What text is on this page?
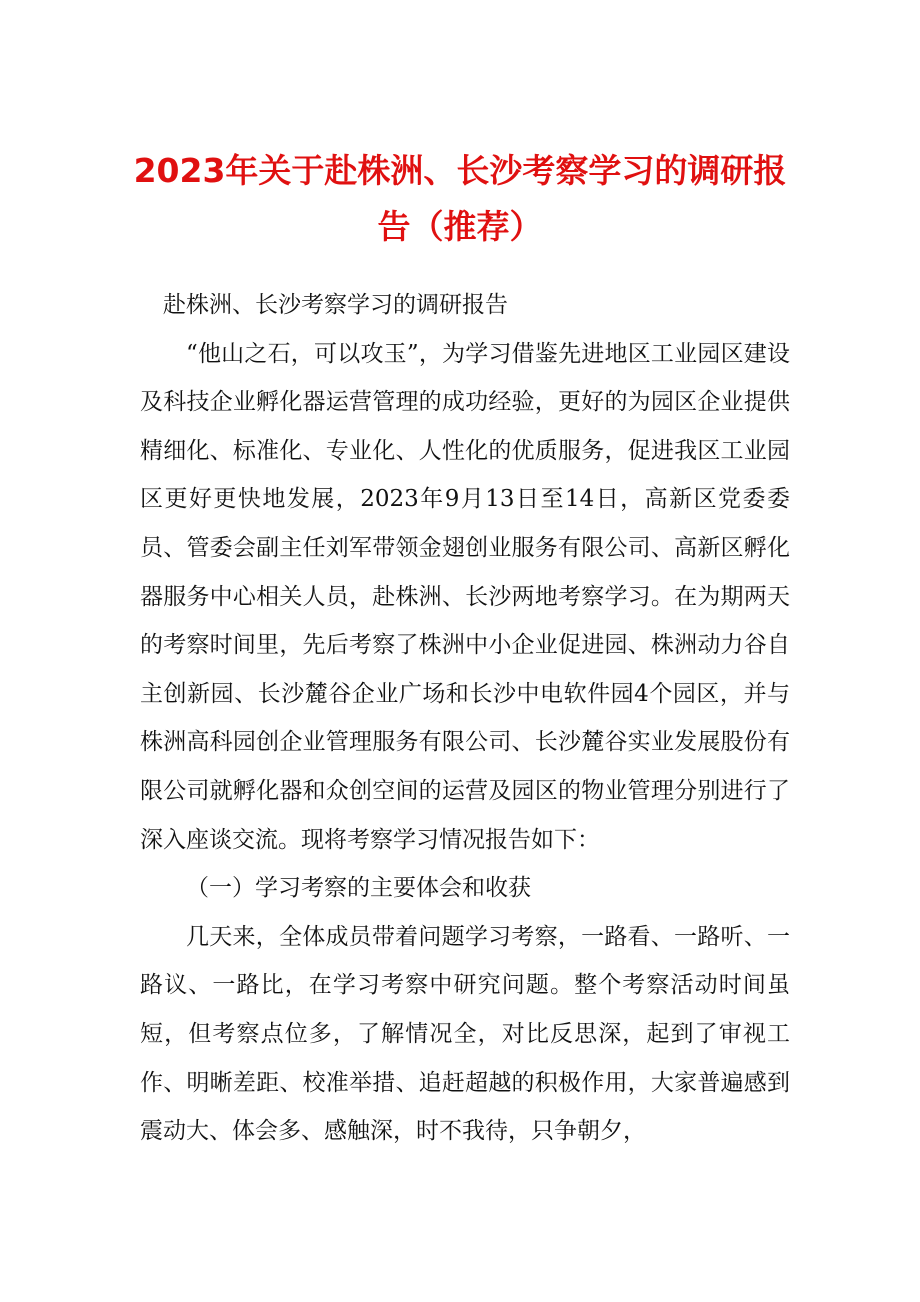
2023年关于赴株洲、长沙考察学习的调研报
告（推荐）

赴株洲、长沙考察学习的调研报告

“他山之石，可以攻玉”，为学习借鉴先进地区工业园区建设及科技企业孵化器运营管理的成功经验，更好的为园区企业提供精细化、标准化、专业化、人性化的优质服务，促进我区工业园区更好更快地发展，2023年9月13日至14日，高新区党委委员、管委会副主任刘军带领金翅创业服务有限公司、高新区孵化器服务中心相关人员，赴株洲、长沙两地考察学习。在为期两天的考察时间里，先后考察了株洲中小企业促进园、株洲动力谷自主创新园、长沙麓谷企业广场和长沙中电软件园4个园区，并与株洲高科园创企业管理服务有限公司、长沙麓谷实业发展股份有限公司就孵化器和众创空间的运营及园区的物业管理分别进行了深入座谈交流。现将考察学习情况报告如下：

（一）学习考察的主要体会和收获

几天来，全体成员带着问题学习考察，一路看、一路听、一路议、一路比，在学习考察中研究问题。整个考察活动时间虽短，但考察点位多，了解情况全，对比反思深，起到了审视工作、明晰差距、校准举措、追赶超越的积极作用，大家普遍感到震动大、体会多、感触深，时不我待，只争朝夕，
